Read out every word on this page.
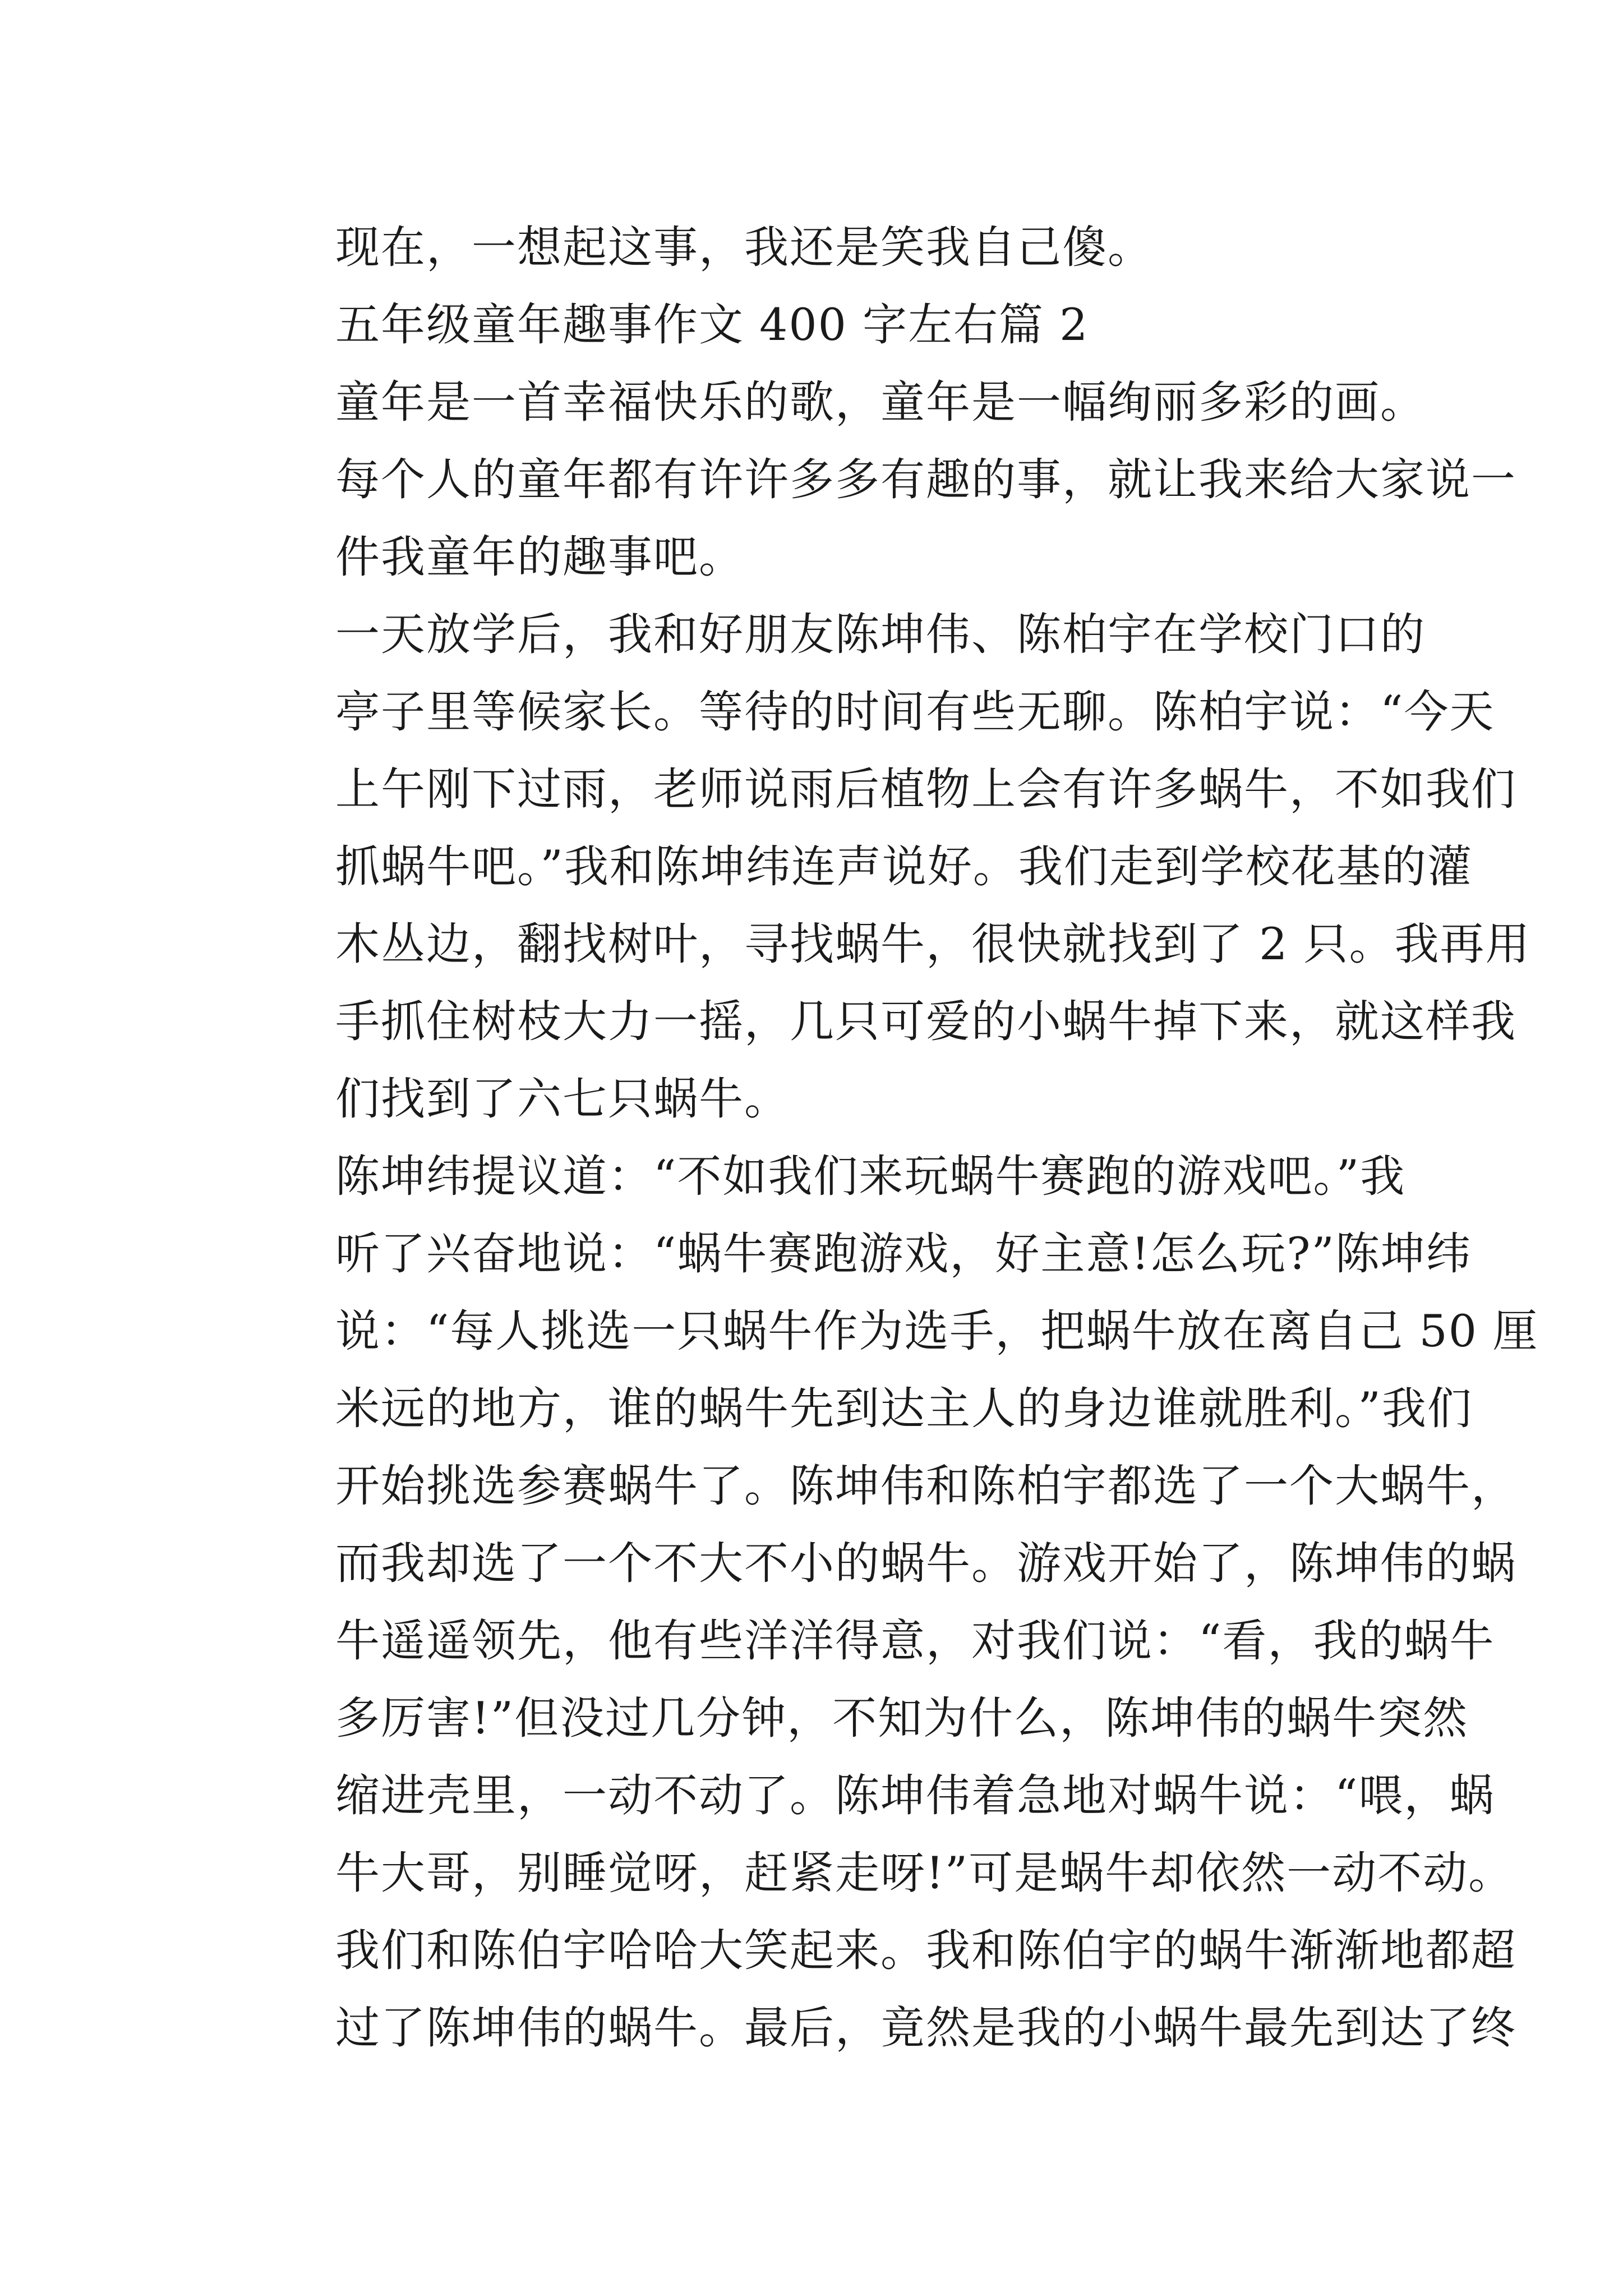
现在，一想起这事，我还是笑我自己傻。

五年级童年趣事作文 400 字左右篇 2

童年是一首幸福快乐的歌，童年是一幅绚丽多彩的画。
每个人的童年都有许许多多有趣的事，就让我来给大家说一
件我童年的趣事吧。

一天放学后，我和好朋友陈坤伟、陈柏宇在学校门口的
亭子里等候家长。等待的时间有些无聊。陈柏宇说：“今天
上午刚下过雨，老师说雨后植物上会有许多蜗牛，不如我们
抓蜗牛吧。”我和陈坤纬连声说好。我们走到学校花基的灌
木丛边，翻找树叶，寻找蜗牛，很快就找到了 2 只。我再用
手抓住树枝大力一摇，几只可爱的小蜗牛掉下来，就这样我
们找到了六七只蜗牛。

陈坤纬提议道：“不如我们来玩蜗牛赛跑的游戏吧。”我
听了兴奋地说：“蜗牛赛跑游戏，好主意!怎么玩?”陈坤纬
说：“每人挑选一只蜗牛作为选手，把蜗牛放在离自己 50 厘
米远的地方，谁的蜗牛先到达主人的身边谁就胜利。”我们
开始挑选参赛蜗牛了。陈坤伟和陈柏宇都选了一个大蜗牛，
而我却选了一个不大不小的蜗牛。游戏开始了，陈坤伟的蜗
牛遥遥领先，他有些洋洋得意，对我们说：“看，我的蜗牛
多厉害!”但没过几分钟，不知为什么，陈坤伟的蜗牛突然
缩进壳里，一动不动了。陈坤伟着急地对蜗牛说：“喂，蜗
牛大哥，别睡觉呀，赶紧走呀!”可是蜗牛却依然一动不动。
我们和陈伯宇哈哈大笑起来。我和陈伯宇的蜗牛渐渐地都超
过了陈坤伟的蜗牛。最后，竟然是我的小蜗牛最先到达了终
